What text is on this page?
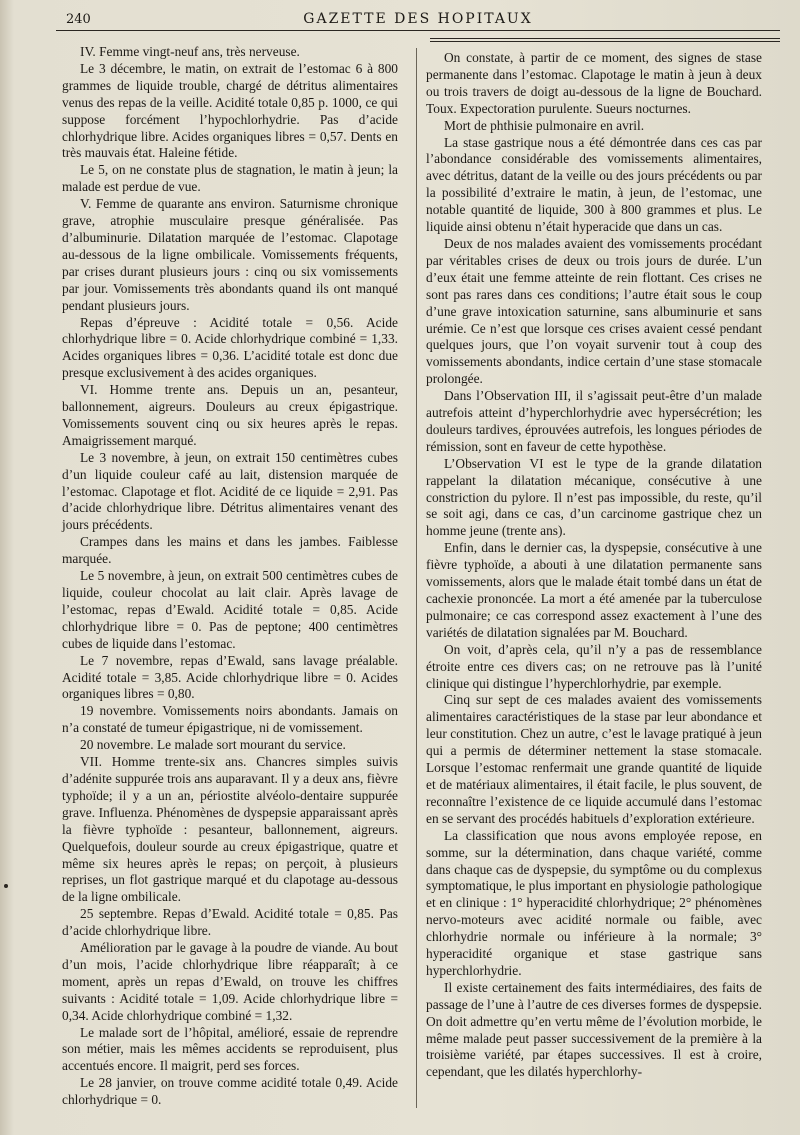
240	GAZETTE DES HOPITAUX

IV. Femme vingt-neuf ans, très nerveuse.

Le 3 décembre, le matin, on extrait de l’estomac 6 à 800 grammes de liquide trouble, chargé de détritus alimentaires venus des repas de la veille. Acidité totale 0,85 p. 1000, ce qui suppose forcément l’hypochlorhydrie. Pas d’acide chlorhydrique libre. Acides organiques libres = 0,57. Dents en très mauvais état. Haleine fétide.

Le 5, on ne constate plus de stagnation, le matin à jeun; la malade est perdue de vue.

V. Femme de quarante ans environ. Saturnisme chronique grave, atrophie musculaire presque généralisée. Pas d’albuminurie. Dilatation marquée de l’estomac. Clapotage au-dessous de la ligne ombilicale. Vomissements fréquents, par crises durant plusieurs jours : cinq ou six vomissements par jour. Vomissements très abondants quand ils ont manqué pendant plusieurs jours.

Repas d’épreuve : Acidité totale = 0,56. Acide chlorhydrique libre = 0. Acide chlorhydrique combiné = 1,33. Acides organiques libres = 0,36. L’acidité totale est donc due presque exclusivement à des acides organiques.

VI. Homme trente ans. Depuis un an, pesanteur, ballonnement, aigreurs. Douleurs au creux épigastrique. Vomissements souvent cinq ou six heures après le repas. Amaigrissement marqué.

Le 3 novembre, à jeun, on extrait 150 centimètres cubes d’un liquide couleur café au lait, distension marquée de l’estomac. Clapotage et flot. Acidité de ce liquide = 2,91. Pas d’acide chlorhydrique libre. Détritus alimentaires venant des jours précédents.

Crampes dans les mains et dans les jambes. Faiblesse marquée.

Le 5 novembre, à jeun, on extrait 500 centimètres cubes de liquide, couleur chocolat au lait clair. Après lavage de l’estomac, repas d’Ewald. Acidité totale = 0,85. Acide chlorhydrique libre = 0. Pas de peptone; 400 centimètres cubes de liquide dans l’estomac.

Le 7 novembre, repas d’Ewald, sans lavage préalable. Acidité totale = 3,85. Acide chlorhydrique libre = 0. Acides organiques libres = 0,80.

19 novembre. Vomissements noirs abondants. Jamais on n’a constaté de tumeur épigastrique, ni de vomissement.

20 novembre. Le malade sort mourant du service.

VII. Homme trente-six ans. Chancres simples suivis d’adénite suppurée trois ans auparavant. Il y a deux ans, fièvre typhoïde; il y a un an, périostite alvéolo-dentaire suppurée grave. Influenza. Phénomènes de dyspepsie apparaissant après la fièvre typhoïde : pesanteur, ballonnement, aigreurs. Quelquefois, douleur sourde au creux épigastrique, quatre et même six heures après le repas; on perçoit, à plusieurs reprises, un flot gastrique marqué et du clapotage au-dessous de la ligne ombilicale.

25 septembre. Repas d’Ewald. Acidité totale = 0,85. Pas d’acide chlorhydrique libre.

Amélioration par le gavage à la poudre de viande. Au bout d’un mois, l’acide chlorhydrique libre réapparaît; à ce moment, après un repas d’Ewald, on trouve les chiffres suivants : Acidité totale = 1,09. Acide chlorhydrique libre = 0,34. Acide chlorhydrique combiné = 1,32.

Le malade sort de l’hôpital, amélioré, essaie de reprendre son métier, mais les mêmes accidents se reproduisent, plus accentués encore. Il maigrit, perd ses forces.

Le 28 janvier, on trouve comme acidité totale 0,49. Acide chlorhydrique = 0.

On constate, à partir de ce moment, des signes de stase permanente dans l’estomac. Clapotage le matin à jeun à deux ou trois travers de doigt au-dessous de la ligne de Bouchard. Toux. Expectoration purulente. Sueurs nocturnes.

Mort de phthisie pulmonaire en avril.

La stase gastrique nous a été démontrée dans ces cas par l’abondance considérable des vomissements alimentaires, avec détritus, datant de la veille ou des jours précédents ou par la possibilité d’extraire le matin, à jeun, de l’estomac, une notable quantité de liquide, 300 à 800 grammes et plus. Le liquide ainsi obtenu n’était hyperacide que dans un cas.

Deux de nos malades avaient des vomissements procédant par véritables crises de deux ou trois jours de durée. L’un d’eux était une femme atteinte de rein flottant. Ces crises ne sont pas rares dans ces conditions; l’autre était sous le coup d’une grave intoxication saturnine, sans albuminurie et sans urémie. Ce n’est que lorsque ces crises avaient cessé pendant quelques jours, que l’on voyait survenir tout à coup des vomissements abondants, indice certain d’une stase stomacale prolongée.

Dans l’Observation III, il s’agissait peut-être d’un malade autrefois atteint d’hyperchlorhydrie avec hypersécrétion; les douleurs tardives, éprouvées autrefois, les longues périodes de rémission, sont en faveur de cette hypothèse.

L’Observation VI est le type de la grande dilatation rappelant la dilatation mécanique, consécutive à une constriction du pylore. Il n’est pas impossible, du reste, qu’il se soit agi, dans ce cas, d’un carcinome gastrique chez un homme jeune (trente ans).

Enfin, dans le dernier cas, la dyspepsie, consécutive à une fièvre typhoïde, a abouti à une dilatation permanente sans vomissements, alors que le malade était tombé dans un état de cachexie prononcée. La mort a été amenée par la tuberculose pulmonaire; ce cas correspond assez exactement à l’une des variétés de dilatation signalées par M. Bouchard.

On voit, d’après cela, qu’il n’y a pas de ressemblance étroite entre ces divers cas; on ne retrouve pas là l’unité clinique qui distingue l’hyperchlorhydrie, par exemple.

Cinq sur sept de ces malades avaient des vomissements alimentaires caractéristiques de la stase par leur abondance et leur constitution. Chez un autre, c’est le lavage pratiqué à jeun qui a permis de déterminer nettement la stase stomacale. Lorsque l’estomac renfermait une grande quantité de liquide et de matériaux alimentaires, il était facile, le plus souvent, de reconnaître l’existence de ce liquide accumulé dans l’estomac en se servant des procédés habituels d’exploration extérieure.

La classification que nous avons employée repose, en somme, sur la détermination, dans chaque variété, comme dans chaque cas de dyspepsie, du symptôme ou du complexus symptomatique, le plus important en physiologie pathologique et en clinique : 1° hyperacidité chlorhydrique; 2° phénomènes nervo-moteurs avec acidité normale ou faible, avec chlorhydrie normale ou inférieure à la normale; 3° hyperacidité organique et stase gastrique sans hyperchlorhydrie.

Il existe certainement des faits intermédiaires, des faits de passage de l’une à l’autre de ces diverses formes de dyspepsie. On doit admettre qu’en vertu même de l’évolution morbide, le même malade peut passer successivement de la première à la troisième variété, par étapes successives. Il est à croire, cependant, que les dilatés hyperchlorhy-
